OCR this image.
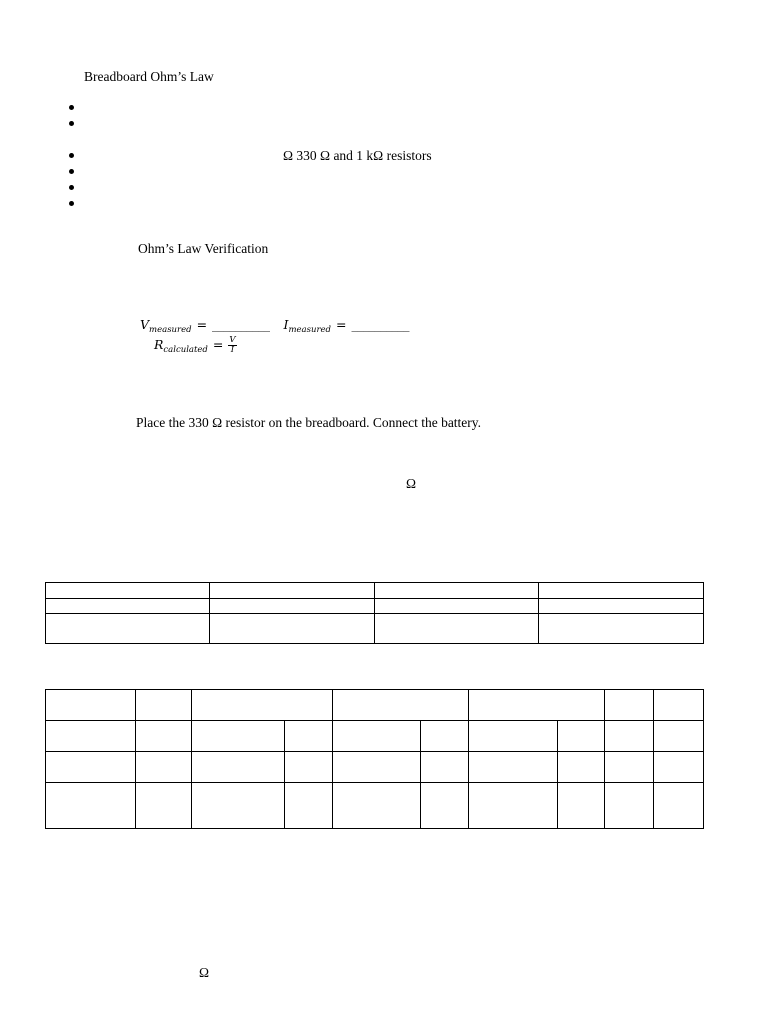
Breadboard Ohm’s Law
Ω 330 Ω and 1 kΩ resistors
Ohm’s Law Verification
$V_{measured}$ = __________ $I_{measured}$ = __________
$R_{calculated} = \frac{V}{I}$
Place the 330 Ω resistor on the breadboard. Connect the battery.
Ω

Ω
